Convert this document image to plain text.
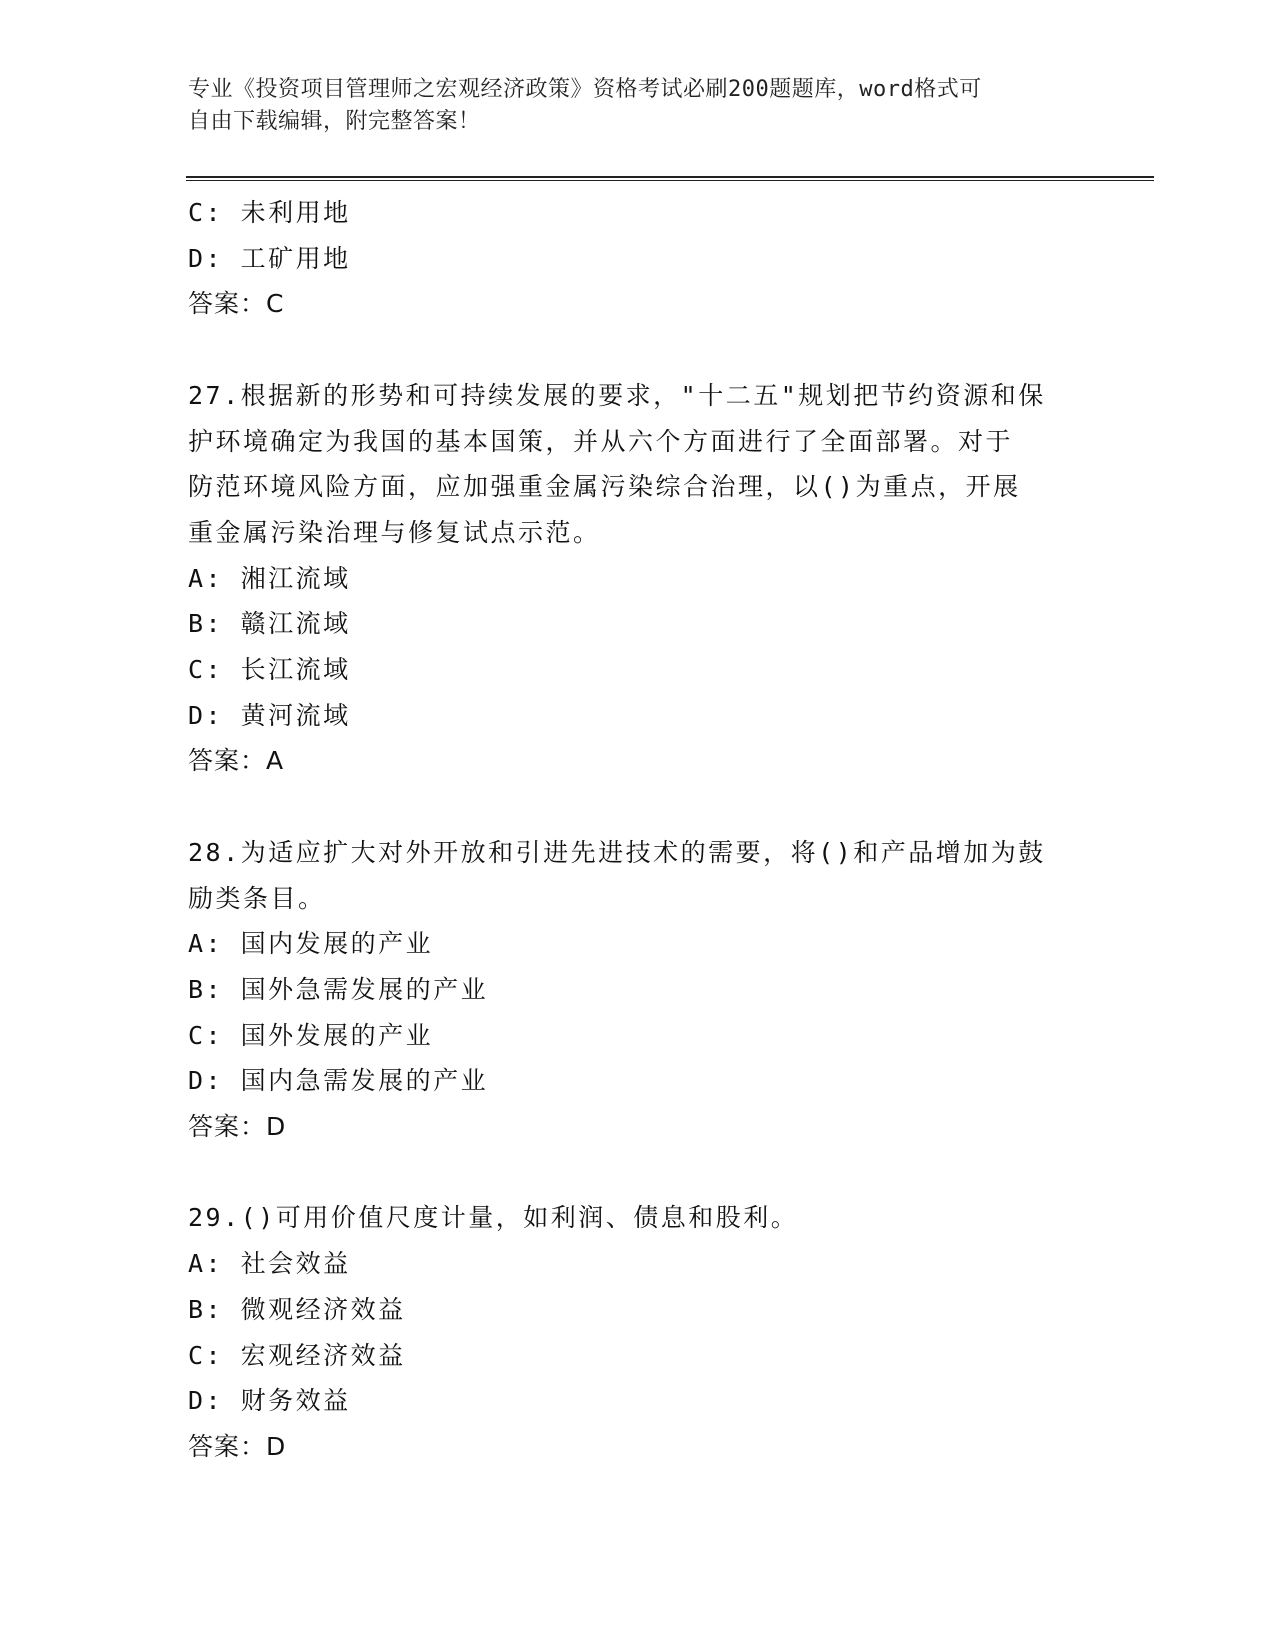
专业《投资项目管理师之宏观经济政策》资格考试必刷200题题库，word格式可
自由下载编辑，附完整答案！
C: 未利用地
D: 工矿用地
答案：C
27.根据新的形势和可持续发展的要求，"十二五"规划把节约资源和保
护环境确定为我国的基本国策，并从六个方面进行了全面部署。对于
防范环境风险方面，应加强重金属污染综合治理，以()为重点，开展
重金属污染治理与修复试点示范。
A: 湘江流域
B: 赣江流域
C: 长江流域
D: 黄河流域
答案：A
28.为适应扩大对外开放和引进先进技术的需要，将()和产品增加为鼓
励类条目。
A: 国内发展的产业
B: 国外急需发展的产业
C: 国外发展的产业
D: 国内急需发展的产业
答案：D
29.()可用价值尺度计量，如利润、债息和股利。
A: 社会效益
B: 微观经济效益
C: 宏观经济效益
D: 财务效益
答案：D
